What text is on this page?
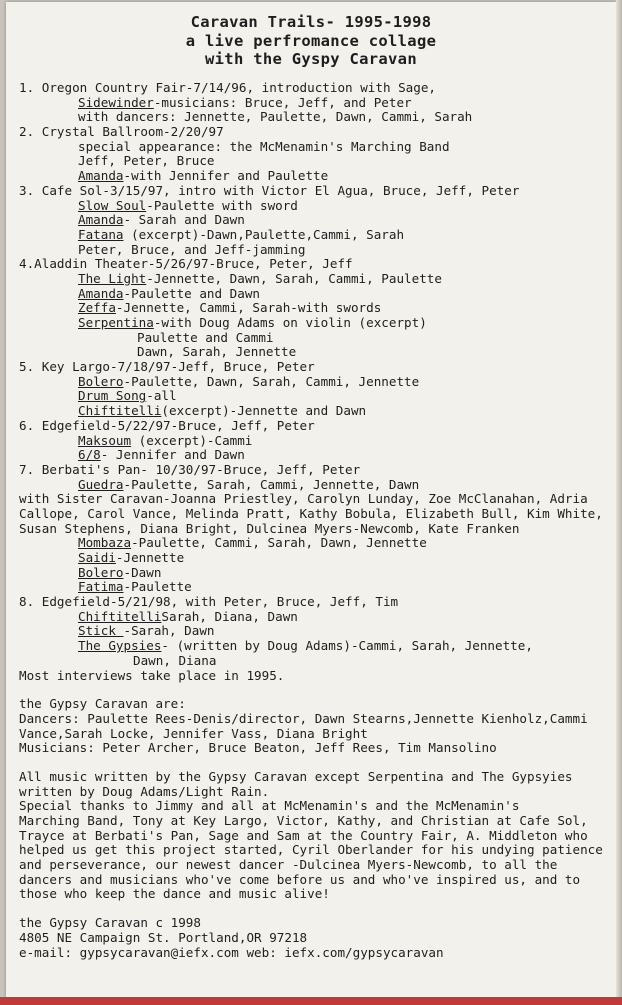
Caravan Trails- 1995-1998
a live perfromance collage
with the Gyspy Caravan
1. Oregon Country Fair-7/14/96, introduction with Sage,
Sidewinder-musicians: Bruce, Jeff, and Peter
with dancers: Jennette, Paulette, Dawn, Cammi, Sarah
2. Crystal Ballroom-2/20/97
special appearance: the McMenamin's Marching Band
Jeff, Peter, Bruce
Amanda-with Jennifer and Paulette
3. Cafe Sol-3/15/97, intro with Victor El Agua, Bruce, Jeff, Peter
Slow Soul-Paulette with sword
Amanda- Sarah and Dawn
Fatana (excerpt)-Dawn,Paulette,Cammi, Sarah
Peter, Bruce, and Jeff-jamming
4.Aladdin Theater-5/26/97-Bruce, Peter, Jeff
The Light-Jennette, Dawn, Sarah, Cammi, Paulette
Amanda-Paulette and Dawn
Zeffa-Jennette, Cammi, Sarah-with swords
Serpentina-with Doug Adams on violin (excerpt)
Paulette and Cammi
Dawn, Sarah, Jennette
5. Key Largo-7/18/97-Jeff, Bruce, Peter
Bolero-Paulette, Dawn, Sarah, Cammi, Jennette
Drum Song-all
Chiftitelli(excerpt)-Jennette and Dawn
6. Edgefield-5/22/97-Bruce, Jeff, Peter
Maksoum (excerpt)-Cammi
6/8- Jennifer and Dawn
7. Berbati's Pan- 10/30/97-Bruce, Jeff, Peter
Guedra-Paulette, Sarah, Cammi, Jennette, Dawn
with Sister Caravan-Joanna Priestley, Carolyn Lunday, Zoe McClanahan, Adria
Callope, Carol Vance, Melinda Pratt, Kathy Bobula, Elizabeth Bull, Kim White,
Susan Stephens, Diana Bright, Dulcinea Myers-Newcomb, Kate Franken
Mombaza-Paulette, Cammi, Sarah, Dawn, Jennette
Saidi-Jennette
Bolero-Dawn
Fatima-Paulette
8. Edgefield-5/21/98, with Peter, Bruce, Jeff, Tim
ChiftitelliSarah, Diana, Dawn
Stick -Sarah, Dawn
The Gypsies- (written by Doug Adams)-Cammi, Sarah, Jennette,
Dawn, Diana
Most interviews take place in 1995.
the Gypsy Caravan are:
Dancers: Paulette Rees-Denis/director, Dawn Stearns,Jennette Kienholz,Cammi
Vance,Sarah Locke, Jennifer Vass, Diana Bright
Musicians: Peter Archer, Bruce Beaton, Jeff Rees, Tim Mansolino
All music written by the Gypsy Caravan except Serpentina and The Gypsyies
written by Doug Adams/Light Rain.
Special thanks to Jimmy and all at McMenamin's and the McMenamin's
Marching Band, Tony at Key Largo, Victor, Kathy, and Christian at Cafe Sol,
Trayce at Berbati's Pan, Sage and Sam at the Country Fair, A. Middleton who
helped us get this project started, Cyril Oberlander for his undying patience
and perseverance, our newest dancer -Dulcinea Myers-Newcomb, to all the
dancers and musicians who've come before us and who've inspired us, and to
those who keep the dance and music alive!
the Gypsy Caravan c 1998
4805 NE Campaign St. Portland,OR 97218
e-mail: gypsycaravan@iefx.com web: iefx.com/gypsycaravan
